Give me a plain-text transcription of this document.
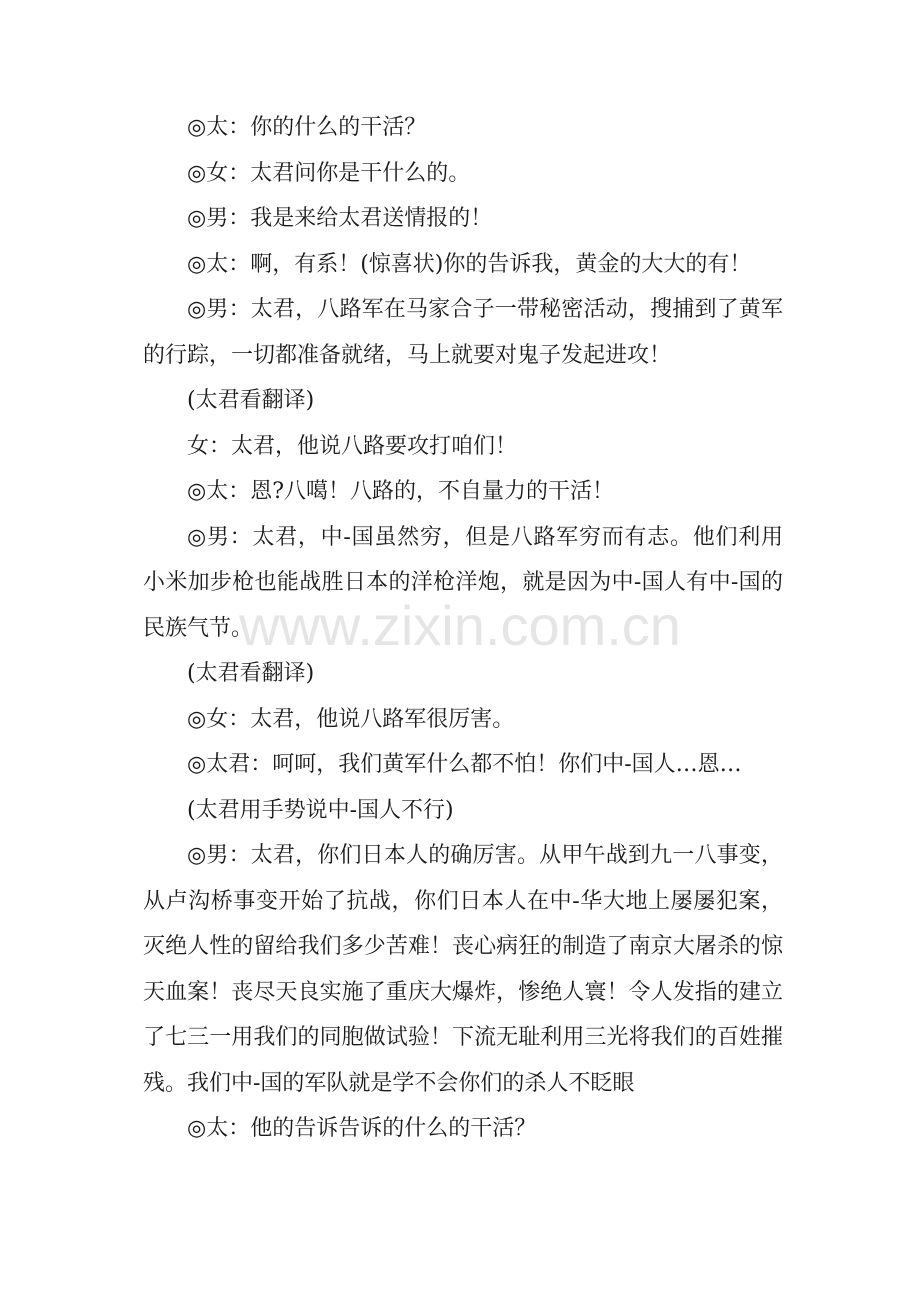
◎太：你的什么的干活？

◎女：太君问你是干什么的。

◎男：我是来给太君送情报的！

◎太：啊，有系！(惊喜状)你的告诉我，黄金的大大的有！

◎男：太君，八路军在马家合子一带秘密活动，搜捕到了黄军的行踪，一切都准备就绪，马上就要对鬼子发起进攻！

(太君看翻译)

女：太君，他说八路要攻打咱们！

◎太：恩?八噶！八路的，不自量力的干活！

◎男：太君，中-国虽然穷，但是八路军穷而有志。他们利用小米加步枪也能战胜日本的洋枪洋炮，就是因为中-国人有中-国的民族气节。

(太君看翻译)

◎女：太君，他说八路军很厉害。

◎太君：呵呵，我们黄军什么都不怕！你们中-国人…恩…

(太君用手势说中-国人不行)

◎男：太君，你们日本人的确厉害。从甲午战到九一八事变，从卢沟桥事变开始了抗战，你们日本人在中-华大地上屡屡犯案，灭绝人性的留给我们多少苦难！丧心病狂的制造了南京大屠杀的惊天血案！丧尽天良实施了重庆大爆炸，惨绝人寰！令人发指的建立了七三一用我们的同胞做试验！下流无耻利用三光将我们的百姓摧残。我们中-国的军队就是学不会你们的杀人不眨眼

◎太：他的告诉告诉的什么的干活？

www.zixin.com.cn
